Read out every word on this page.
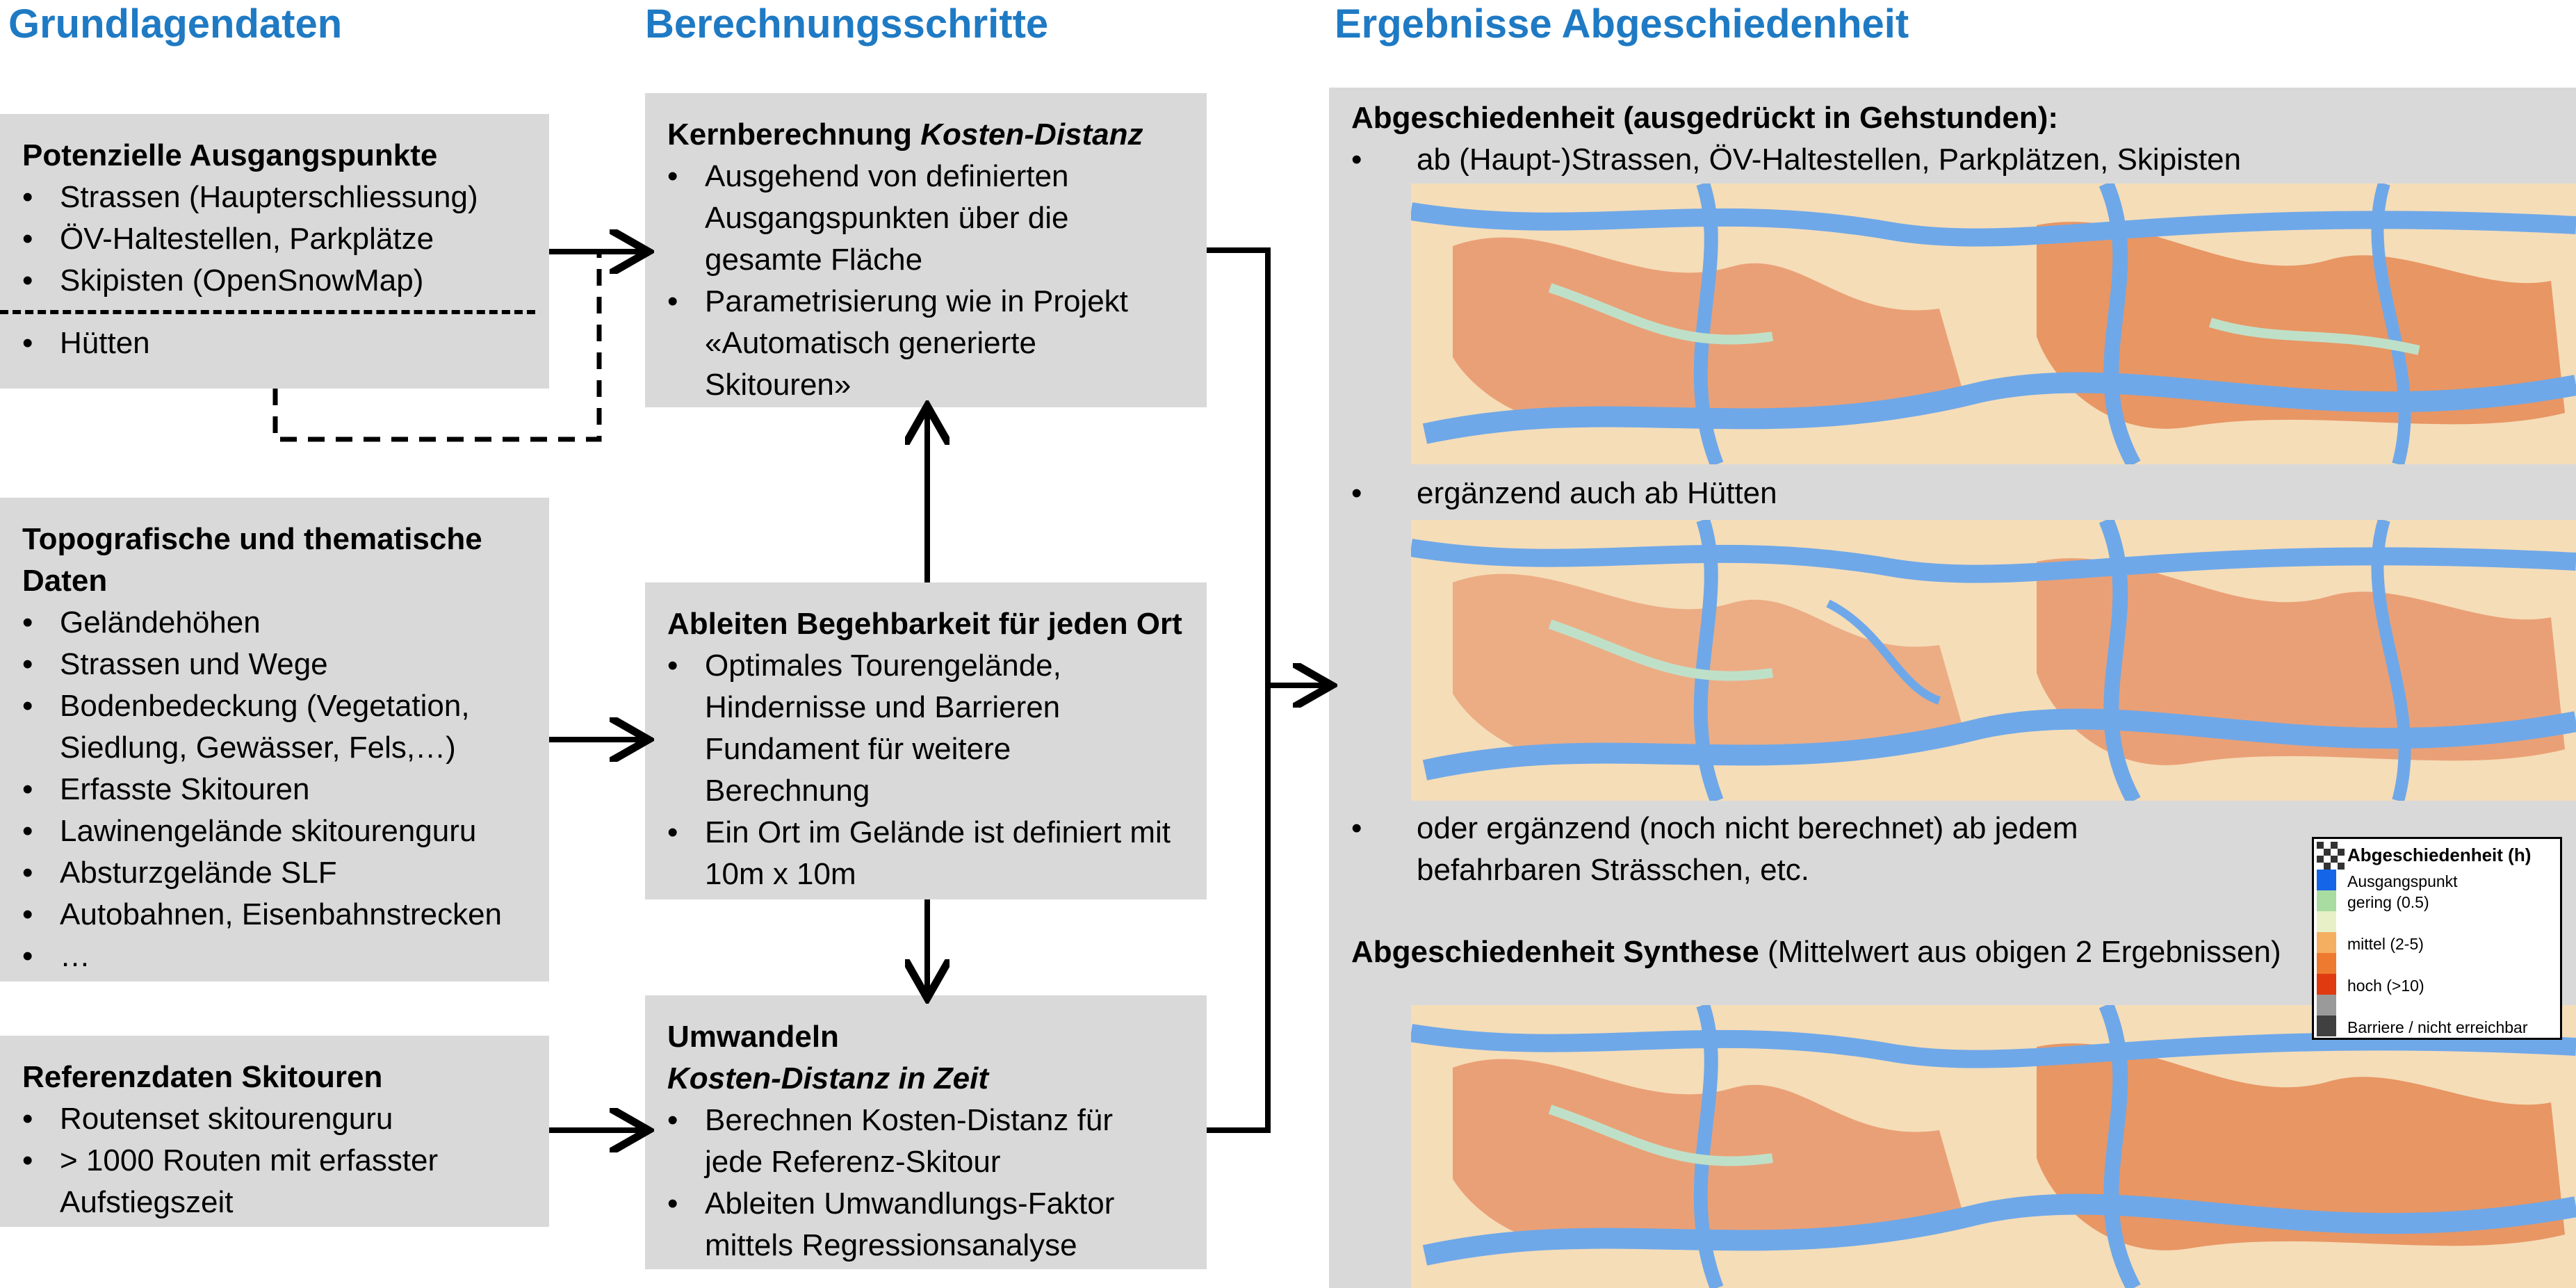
Grundlagendaten	Berechnungsschritte	Ergebnisse Abgeschiedenheit
Potenzielle Ausgangspunkte
• Strassen (Haupterschliessung)
• ÖV-Haltestellen, Parkplätze
• Skipisten (OpenSnowMap)
• Hütten
Topografische und thematische Daten
• Geländehöhen
• Strassen und Wege
• Bodenbedeckung (Vegetation, Siedlung, Gewässer, Fels,…)
• Erfasste Skitouren
• Lawinengelände skitourenguru
• Absturzgelände SLF
• Autobahnen, Eisenbahnstrecken
• …
Referenzdaten Skitouren
• Routenset skitourenguru
• > 1000 Routen mit erfasster Aufstiegszeit
Kernberechnung Kosten-Distanz
• Ausgehend von definierten Ausgangspunkten über die gesamte Fläche
• Parametrisierung wie in Projekt «Automatisch generierte Skitouren»
Ableiten Begehbarkeit für jeden Ort
• Optimales Tourengelände, Hindernisse und Barrieren Fundament für weitere Berechnung
• Ein Ort im Gelände ist definiert mit 10m x 10m
Umwandeln
Kosten-Distanz in Zeit
• Berechnen Kosten-Distanz für jede Referenz-Skitour
• Ableiten Umwandlungs-Faktor mittels Regressionsanalyse
Abgeschiedenheit (ausgedrückt in Gehstunden):
• ab (Haupt-)Strassen, ÖV-Haltestellen, Parkplätzen, Skipisten
• ergänzend auch ab Hütten
• oder ergänzend (noch nicht berechnet) ab jedem
befahrbaren Strässchen, etc.
Abgeschiedenheit Synthese (Mittelwert aus obigen 2 Ergebnissen)
Abgeschiedenheit (h)
Ausgangspunkt
gering (0.5)
mittel (2-5)
hoch (>10)
Barriere / nicht erreichbar
